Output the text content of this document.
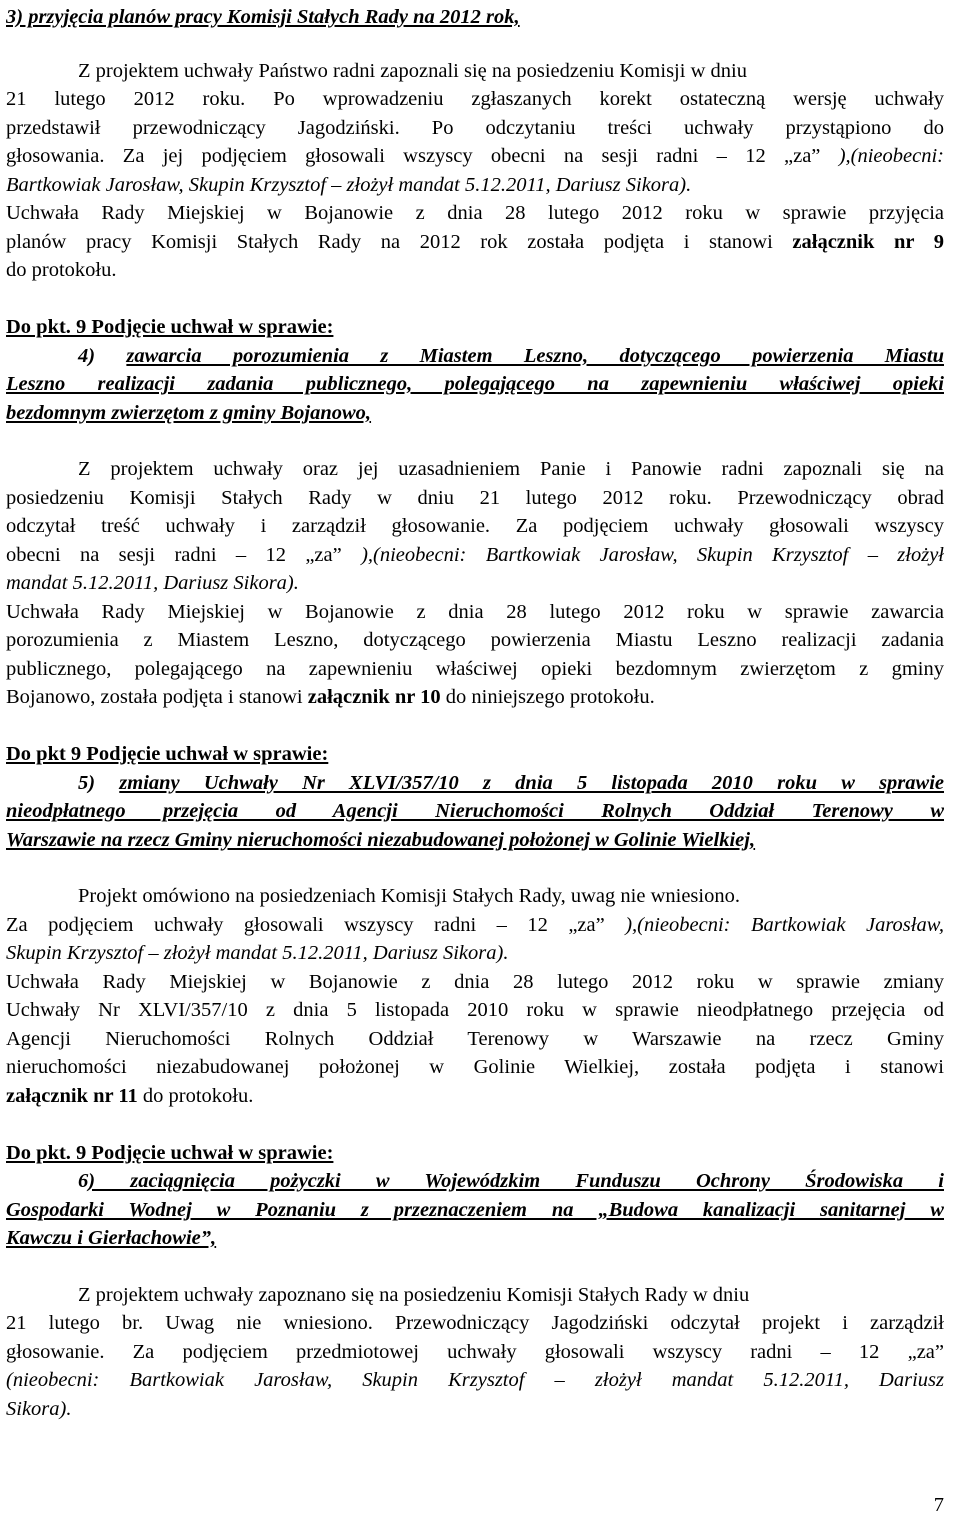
3) przyjęcia planów pracy Komisji Stałych Rady na 2012 rok,
Z projektem uchwały Państwo radni zapoznali się na posiedzeniu Komisji w dniu
21 lutego 2012 roku. Po wprowadzeniu zgłaszanych korekt ostateczną wersję uchwały
przedstawił przewodniczący Jagodziński. Po odczytaniu treści uchwały przystąpiono do
głosowania. Za jej podjęciem głosowali wszyscy obecni na sesji radni – 12 „za” ),(nieobecni:
Bartkowiak Jarosław, Skupin Krzysztof – złożył mandat 5.12.2011, Dariusz Sikora).
Uchwała Rady Miejskiej w Bojanowie z dnia 28 lutego 2012 roku w sprawie przyjęcia
planów pracy Komisji Stałych Rady na 2012 rok została podjęta i stanowi załącznik nr 9
do protokołu.
Do pkt. 9 Podjęcie uchwał w sprawie:
4) zawarcia porozumienia z Miastem Leszno, dotyczącego powierzenia Miastu
Leszno realizacji zadania publicznego, polegającego na zapewnieniu właściwej opieki
bezdomnym zwierzętom z gminy Bojanowo,
Z projektem uchwały oraz jej uzasadnieniem Panie i Panowie radni zapoznali się na
posiedzeniu Komisji Stałych Rady w dniu 21 lutego 2012 roku. Przewodniczący obrad
odczytał treść uchwały i zarządził głosowanie. Za podjęciem uchwały głosowali wszyscy
obecni na sesji radni – 12 „za” ),(nieobecni: Bartkowiak Jarosław, Skupin Krzysztof – złożył
mandat 5.12.2011, Dariusz Sikora).
Uchwała Rady Miejskiej w Bojanowie z dnia 28 lutego 2012 roku w sprawie zawarcia
porozumienia z Miastem Leszno, dotyczącego powierzenia Miastu Leszno realizacji zadania
publicznego, polegającego na zapewnieniu właściwej opieki bezdomnym zwierzętom z gminy
Bojanowo, została podjęta i stanowi załącznik nr 10 do niniejszego protokołu.
Do pkt 9 Podjęcie uchwał w sprawie:
5) zmiany Uchwały Nr XLVI/357/10 z dnia 5 listopada 2010 roku w sprawie
nieodpłatnego przejęcia od Agencji Nieruchomości Rolnych Oddział Terenowy w
Warszawie na rzecz Gminy nieruchomości niezabudowanej położonej w Golinie Wielkiej,
Projekt omówiono na posiedzeniach Komisji Stałych Rady, uwag nie wniesiono.
Za podjęciem uchwały głosowali wszyscy radni – 12 „za” ),(nieobecni: Bartkowiak Jarosław,
Skupin Krzysztof – złożył mandat 5.12.2011, Dariusz Sikora).
Uchwała Rady Miejskiej w Bojanowie z dnia 28 lutego 2012 roku w sprawie zmiany
Uchwały Nr XLVI/357/10 z dnia 5 listopada 2010 roku w sprawie nieodpłatnego przejęcia od
Agencji Nieruchomości Rolnych Oddział Terenowy w Warszawie na rzecz Gminy
nieruchomości niezabudowanej położonej w Golinie Wielkiej, została podjęta i stanowi
załącznik nr 11 do protokołu.
Do pkt. 9 Podjęcie uchwał w sprawie:
6) zaciągnięcia pożyczki w Wojewódzkim Funduszu Ochrony Środowiska i
Gospodarki Wodnej w Poznaniu z przeznaczeniem na „Budowa kanalizacji sanitarnej w
Kawczu i Gierłachowie”,
Z projektem uchwały zapoznano się na posiedzeniu Komisji Stałych Rady w dniu
21 lutego br. Uwag nie wniesiono. Przewodniczący Jagodziński odczytał projekt i zarządził
głosowanie. Za podjęciem przedmiotowej uchwały głosowali wszyscy radni – 12 „za”
(nieobecni: Bartkowiak Jarosław, Skupin Krzysztof – złożył mandat 5.12.2011, Dariusz
Sikora).
7
